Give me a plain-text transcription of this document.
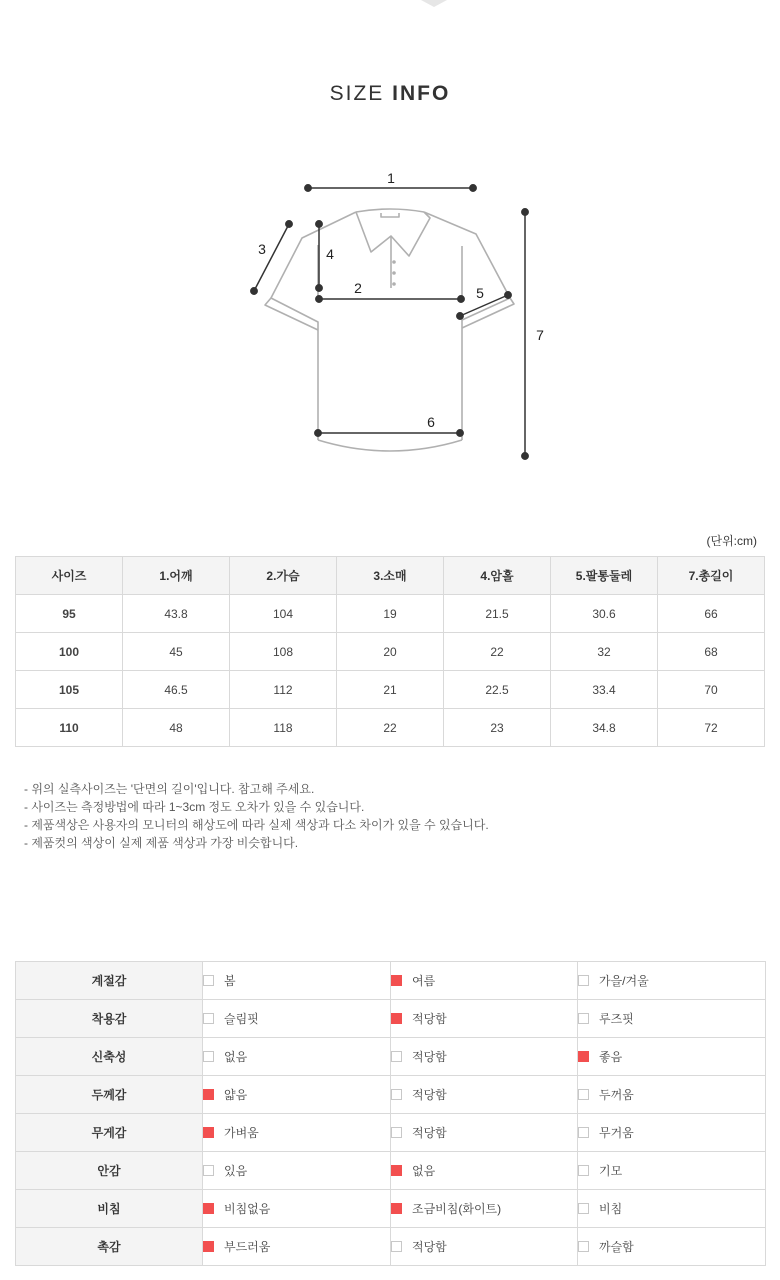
SIZE INFO
1
2
3	4
5
6
7
(단위:cm)
사이즈	1.어깨	2.가슴	3.소매	4.암홀	5.팔통둘레	7.총길이
95	43.8	104	19	21.5	30.6	66
100	45	108	20	22	32	68
105	46.5	112	21	22.5	33.4	70
110	48	118	22	23	34.8	72
- 위의 실측사이즈는 '단면의 길이'입니다. 참고해 주세요.
- 사이즈는 측정방법에 따라 1~3cm 정도 오차가 있을 수 있습니다.
- 제품색상은 사용자의 모니터의 해상도에 따라 실제 색상과 다소 차이가 있을 수 있습니다.
- 제품컷의 색상이 실제 제품 색상과 가장 비슷합니다.
계절감	봄	여름	가을/겨울
착용감	슬림핏	적당함	루즈핏
신축성	없음	적당함	좋음
두께감	얇음	적당함	두꺼움
무게감	가벼움	적당함	무거움
안감	있음	없음	기모
비침	비침없음	조금비침(화이트)	비침
촉감	부드러움	적당함	까슬함
